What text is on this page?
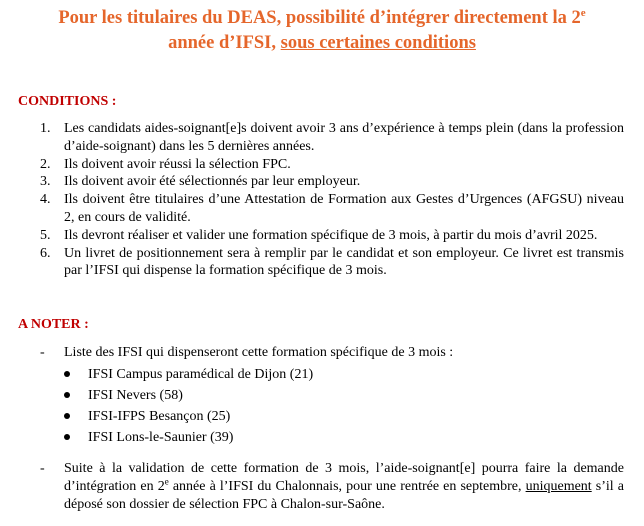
Pour les titulaires du DEAS, possibilité d’intégrer directement la 2e
année d’IFSI, sous certaines conditions
CONDITIONS :
1. Les candidats aides-soignant[e]s doivent avoir 3 ans d’expérience à temps plein (dans la profession d’aide-soignant) dans les 5 dernières années.
2. Ils doivent avoir réussi la sélection FPC.
3. Ils doivent avoir été sélectionnés par leur employeur.
4. Ils doivent être titulaires d’une Attestation de Formation aux Gestes d’Urgences (AFGSU) niveau 2, en cours de validité.
5. Ils devront réaliser et valider une formation spécifique de 3 mois, à partir du mois d’avril 2025.
6. Un livret de positionnement sera à remplir par le candidat et son employeur. Ce livret est transmis par l’IFSI qui dispense la formation spécifique de 3 mois.
A NOTER :
- Liste des IFSI qui dispenseront cette formation spécifique de 3 mois :
IFSI Campus paramédical de Dijon (21)
IFSI Nevers (58)
IFSI-IFPS Besançon (25)
IFSI Lons-le-Saunier (39)
- Suite à la validation de cette formation de 3 mois, l’aide-soignant[e] pourra faire la demande d’intégration en 2e année à l’IFSI du Chalonnais, pour une rentrée en septembre, uniquement s’il a déposé son dossier de sélection FPC à Chalon-sur-Saône.
